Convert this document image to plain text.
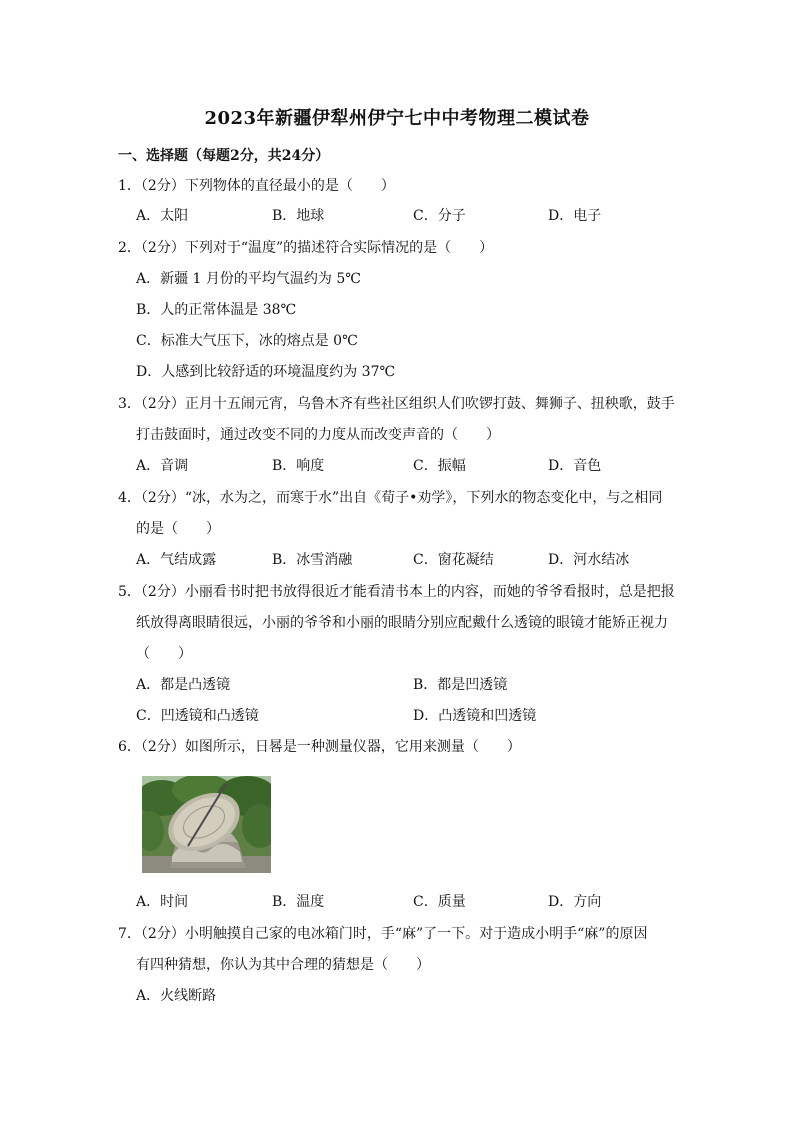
2023年新疆伊犁州伊宁七中中考物理二模试卷
一、选择题（每题2分，共24分）
1．（2分）下列物体的直径最小的是（　　）
A．太阳	B．地球	C．分子	D．电子
2．（2分）下列对于“温度”的描述符合实际情况的是（　　）
A．新疆 1 月份的平均气温约为 5℃
B．人的正常体温是 38℃
C．标准大气压下，冰的熔点是 0℃
D．人感到比较舒适的环境温度约为 37℃
3．（2分）正月十五闹元宵，乌鲁木齐有些社区组织人们吹锣打鼓、舞狮子、扭秧歌，鼓手
打击鼓面时，通过改变不同的力度从而改变声音的（　　）
A．音调	B．响度	C．振幅	D．音色
4．（2分）“冰，水为之，而寒于水”出自《荀子•劝学》，下列水的物态变化中，与之相同
的是（　　）
A．气结成露	B．冰雪消融	C．窗花凝结	D．河水结冰
5．（2分）小丽看书时把书放得很近才能看清书本上的内容，而她的爷爷看报时，总是把报
纸放得离眼睛很远，小丽的爷爷和小丽的眼睛分别应配戴什么透镜的眼镜才能矫正视力
（　　）
A．都是凸透镜	B．都是凹透镜
C．凹透镜和凸透镜	D．凸透镜和凹透镜
6．（2分）如图所示，日晷是一种测量仪器，它用来测量（　　）
A．时间	B．温度	C．质量	D．方向
7．（2分）小明触摸自己家的电冰箱门时，手“麻”了一下。对于造成小明手“麻”的原因
有四种猜想，你认为其中合理的猜想是（　　）
A．火线断路
